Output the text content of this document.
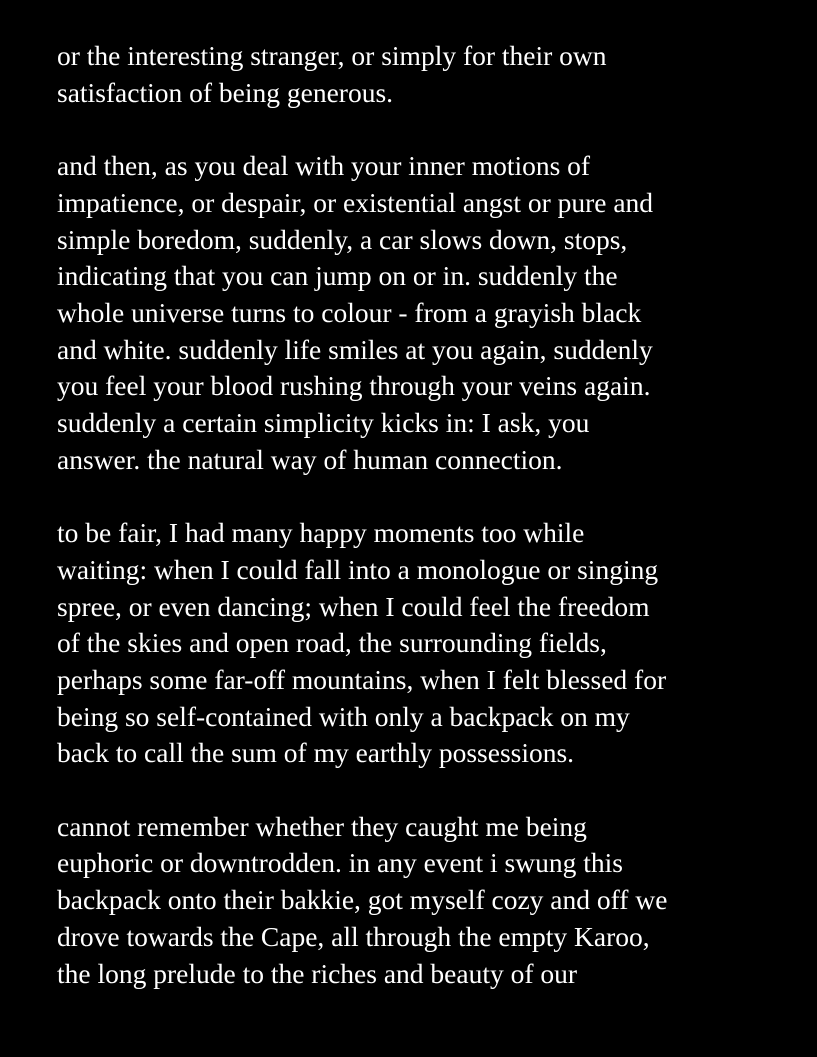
or the interesting stranger, or simply for their own
satisfaction of being generous.

and then, as you deal with your inner motions of
impatience, or despair, or existential angst or pure and
simple boredom, suddenly, a car slows down, stops,
indicating that you can jump on or in. suddenly the
whole universe turns to colour - from a grayish black
and white. suddenly life smiles at you again, suddenly
you feel your blood rushing through your veins again.
suddenly a certain simplicity kicks in: I ask, you
answer. the natural way of human connection.

to be fair, I had many happy moments too while
waiting: when I could fall into a monologue or singing
spree, or even dancing; when I could feel the freedom
of the skies and open road, the surrounding fields,
perhaps some far-off mountains, when I felt blessed for
being so self-contained with only a backpack on my
back to call the sum of my earthly possessions.

cannot remember whether they caught me being
euphoric or downtrodden. in any event i swung this
backpack onto their bakkie, got myself cozy and off we
drove towards the Cape, all through the empty Karoo,
the long prelude to the riches and beauty of our
